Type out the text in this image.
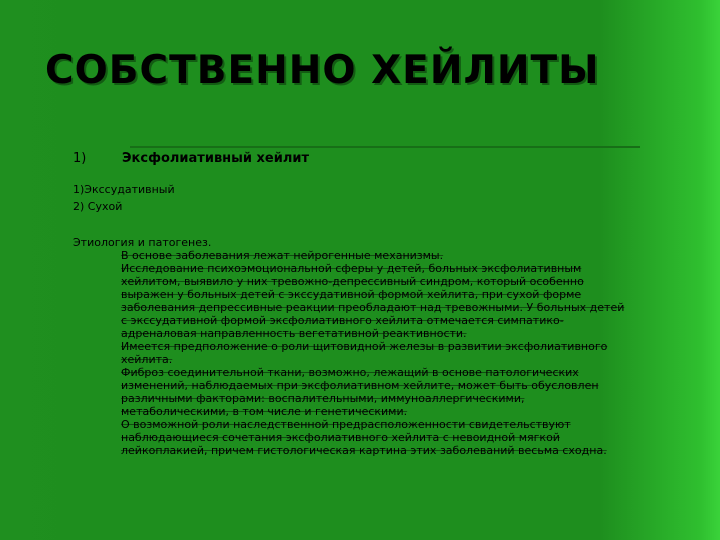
СОБСТВЕННО ХЕЙЛИТЫ
1)	Эксфолиативный хейлит
1)Экссудативный
2) Сухой
Этиология и патогенез.

В основе заболевания лежат нейрогенные механизмы.

Исследование психоэмоциональной сферы у детей, больных эксфолиативным
хейлитом, выявило у них тревожно-депрессивный синдром, который особенно
выражен у больных детей с экссудативной формой хейлита, при сухой форме
заболевания депрессивные реакции преобладают над тревожными. У больных детей
с экссудативной формой эксфолиативного хейлита отмечается симпатико-
адреналовая направленность вегетативной реактивности.

Имеется предположение о роли щитовидной железы в развитии эксфолиативного
хейлита.

Фиброз соединительной ткани, возможно, лежащий в основе патологических
изменений, наблюдаемых при эксфолиативном хейлите, может быть обусловлен
различными факторами: воспалительными, иммуноаллергическими,
метаболическими, в том числе и генетическими.

О возможной роли наследственной предрасположенности свидетельствуют
наблюдающиеся сочетания эксфолиативного хейлита с невоидной мягкой
лейкоплакией, причем гистологическая картина этих заболеваний весьма сходна.
